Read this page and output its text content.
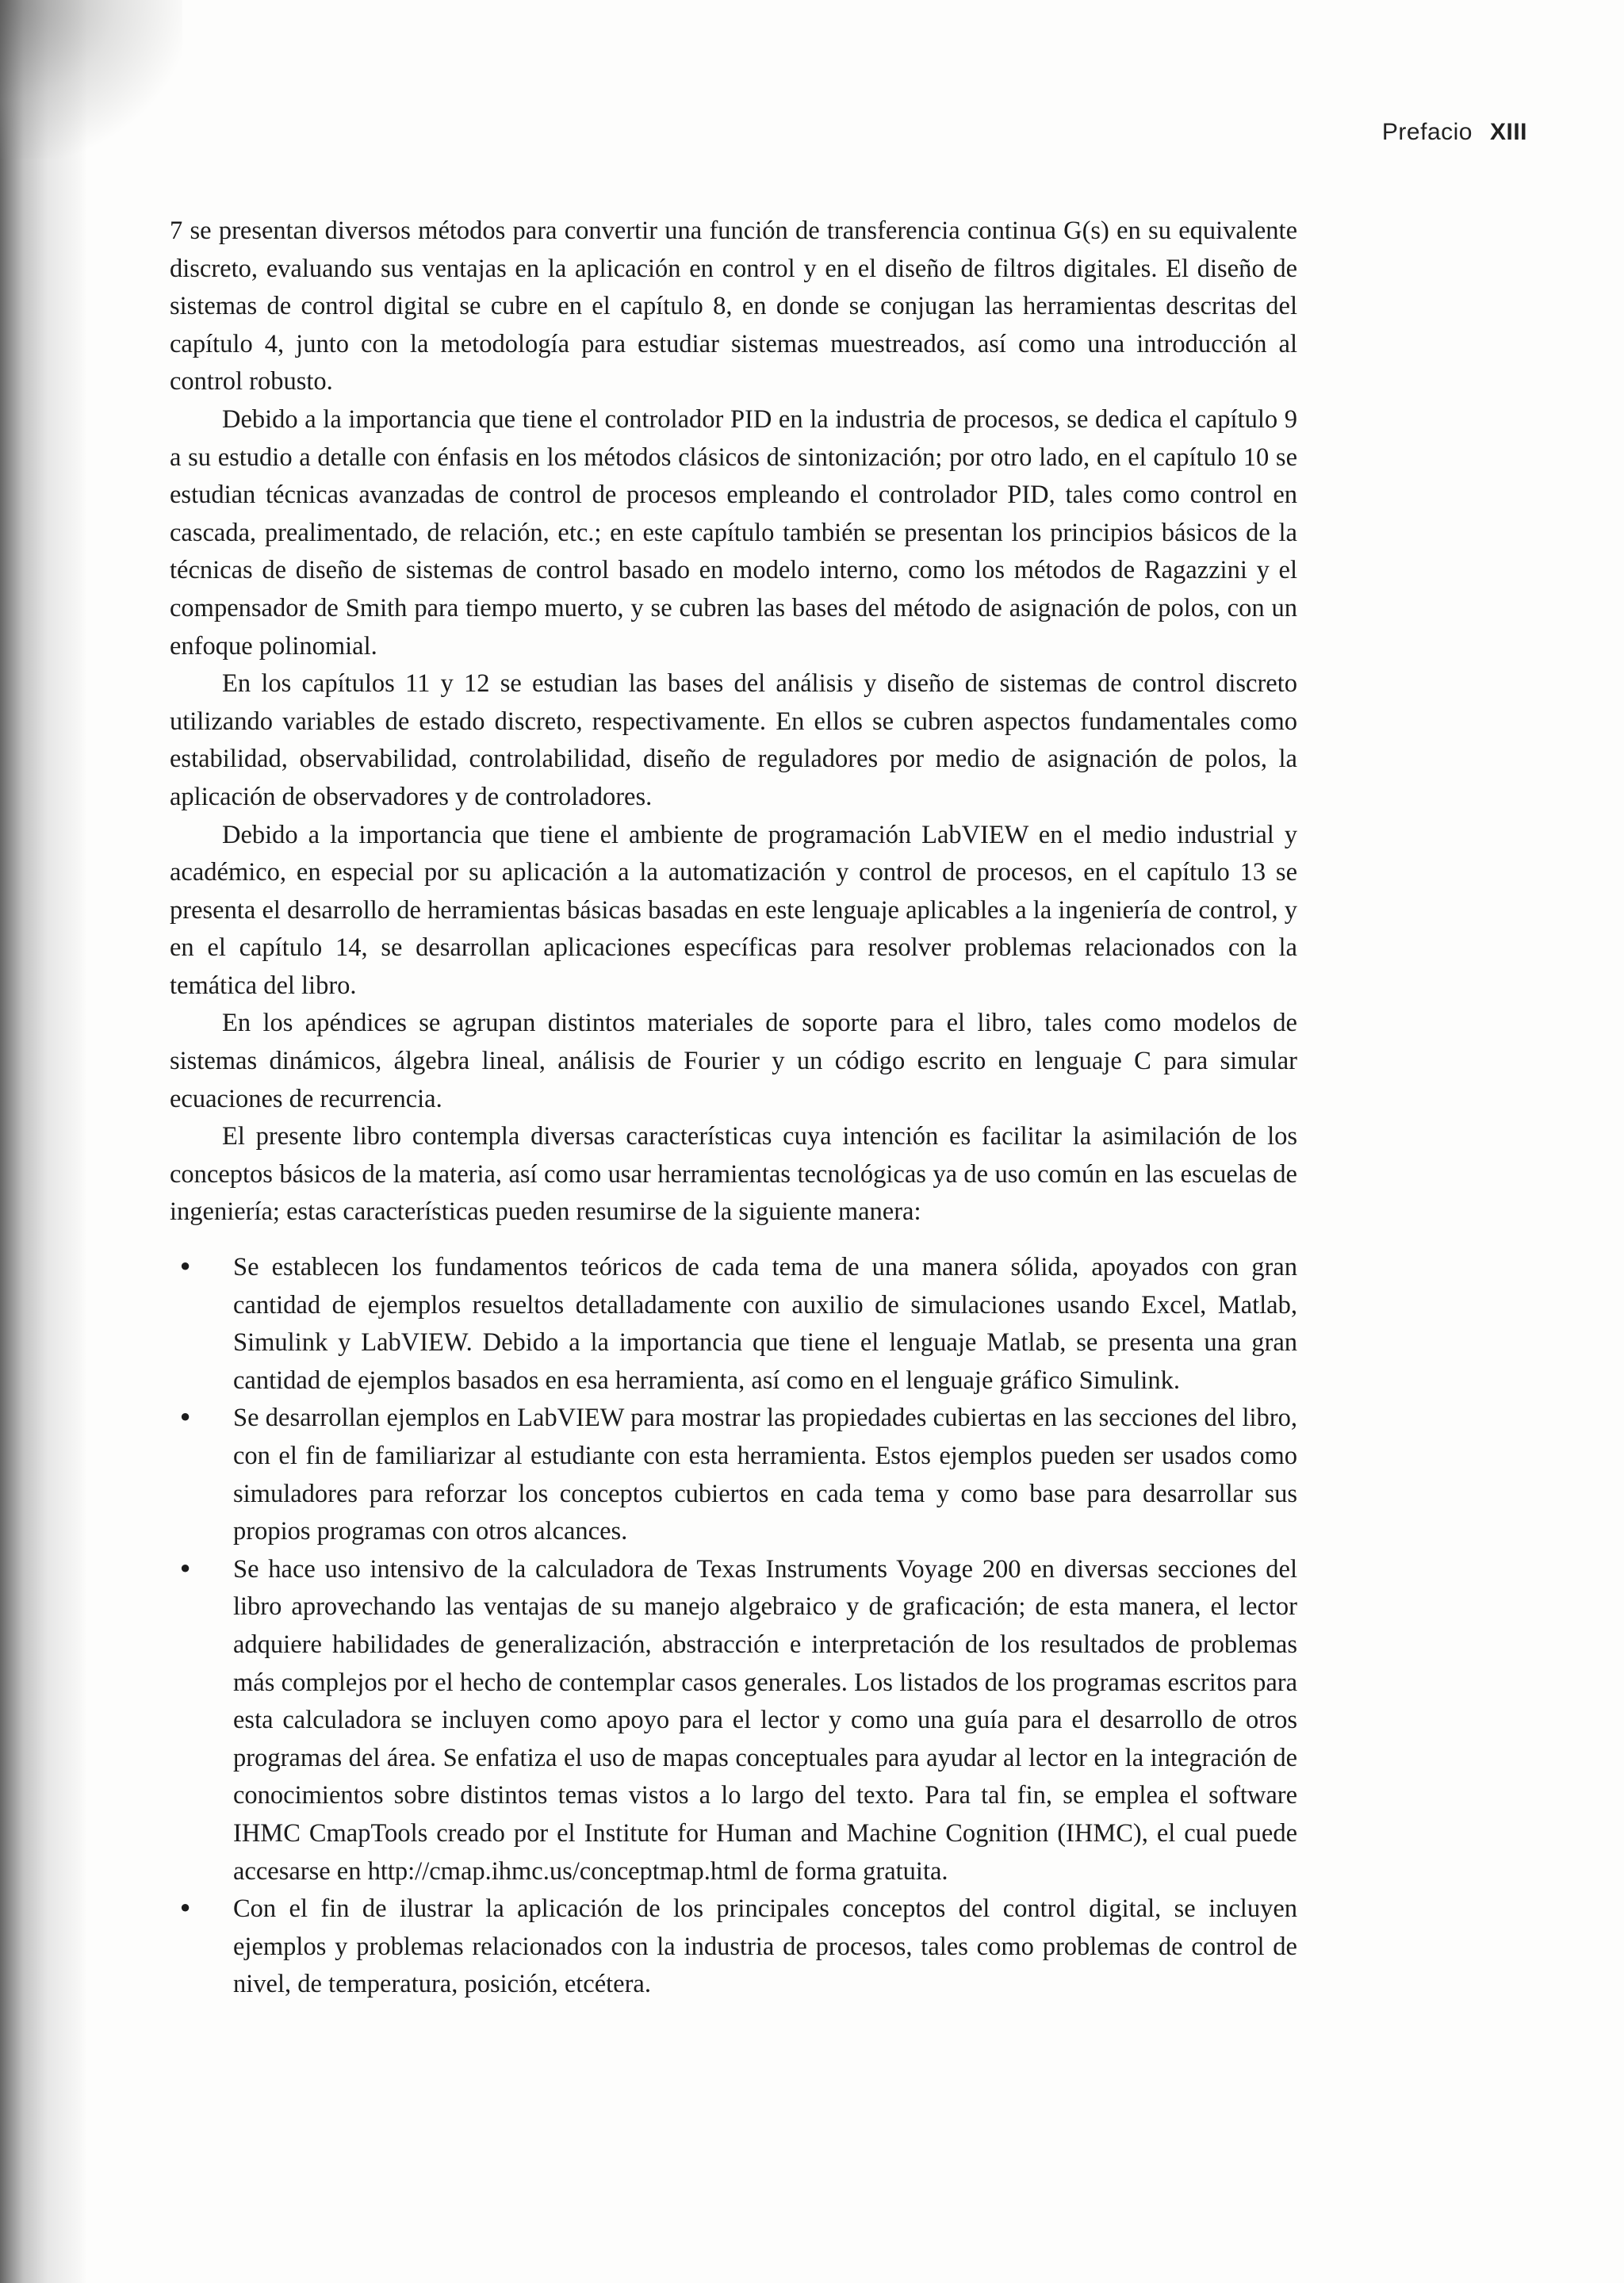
Prefacio XIII

7 se presentan diversos métodos para convertir una función de transferencia continua G(s) en su equivalente discreto, evaluando sus ventajas en la aplicación en control y en el diseño de filtros digitales. El diseño de sistemas de control digital se cubre en el capítulo 8, en donde se conjugan las herramientas descritas del capítulo 4, junto con la metodología para estudiar sistemas muestreados, así como una introducción al control robusto.

Debido a la importancia que tiene el controlador PID en la industria de procesos, se dedica el capítulo 9 a su estudio a detalle con énfasis en los métodos clásicos de sintonización; por otro lado, en el capítulo 10 se estudian técnicas avanzadas de control de procesos empleando el controlador PID, tales como control en cascada, prealimentado, de relación, etc.; en este capítulo también se presentan los principios básicos de la técnicas de diseño de sistemas de control basado en modelo interno, como los métodos de Ragazzini y el compensador de Smith para tiempo muerto, y se cubren las bases del método de asignación de polos, con un enfoque polinomial.

En los capítulos 11 y 12 se estudian las bases del análisis y diseño de sistemas de control discreto utilizando variables de estado discreto, respectivamente. En ellos se cubren aspectos fundamentales como estabilidad, observabilidad, controlabilidad, diseño de reguladores por medio de asignación de polos, la aplicación de observadores y de controladores.

Debido a la importancia que tiene el ambiente de programación LabVIEW en el medio industrial y académico, en especial por su aplicación a la automatización y control de procesos, en el capítulo 13 se presenta el desarrollo de herramientas básicas basadas en este lenguaje aplicables a la ingeniería de control, y en el capítulo 14, se desarrollan aplicaciones específicas para resolver problemas relacionados con la temática del libro.

En los apéndices se agrupan distintos materiales de soporte para el libro, tales como modelos de sistemas dinámicos, álgebra lineal, análisis de Fourier y un código escrito en lenguaje C para simular ecuaciones de recurrencia.

El presente libro contempla diversas características cuya intención es facilitar la asimilación de los conceptos básicos de la materia, así como usar herramientas tecnológicas ya de uso común en las escuelas de ingeniería; estas características pueden resumirse de la siguiente manera:

• Se establecen los fundamentos teóricos de cada tema de una manera sólida, apoyados con gran cantidad de ejemplos resueltos detalladamente con auxilio de simulaciones usando Excel, Matlab, Simulink y LabVIEW. Debido a la importancia que tiene el lenguaje Matlab, se presenta una gran cantidad de ejemplos basados en esa herramienta, así como en el lenguaje gráfico Simulink.
• Se desarrollan ejemplos en LabVIEW para mostrar las propiedades cubiertas en las secciones del libro, con el fin de familiarizar al estudiante con esta herramienta. Estos ejemplos pueden ser usados como simuladores para reforzar los conceptos cubiertos en cada tema y como base para desarrollar sus propios programas con otros alcances.
• Se hace uso intensivo de la calculadora de Texas Instruments Voyage 200 en diversas secciones del libro aprovechando las ventajas de su manejo algebraico y de graficación; de esta manera, el lector adquiere habilidades de generalización, abstracción e interpretación de los resultados de problemas más complejos por el hecho de contemplar casos generales. Los listados de los programas escritos para esta calculadora se incluyen como apoyo para el lector y como una guía para el desarrollo de otros programas del área. Se enfatiza el uso de mapas conceptuales para ayudar al lector en la integración de conocimientos sobre distintos temas vistos a lo largo del texto. Para tal fin, se emplea el software IHMC CmapTools creado por el Institute for Human and Machine Cognition (IHMC), el cual puede accesarse en http://cmap.ihmc.us/conceptmap.html de forma gratuita.
• Con el fin de ilustrar la aplicación de los principales conceptos del control digital, se incluyen ejemplos y problemas relacionados con la industria de procesos, tales como problemas de control de nivel, de temperatura, posición, etcétera.
